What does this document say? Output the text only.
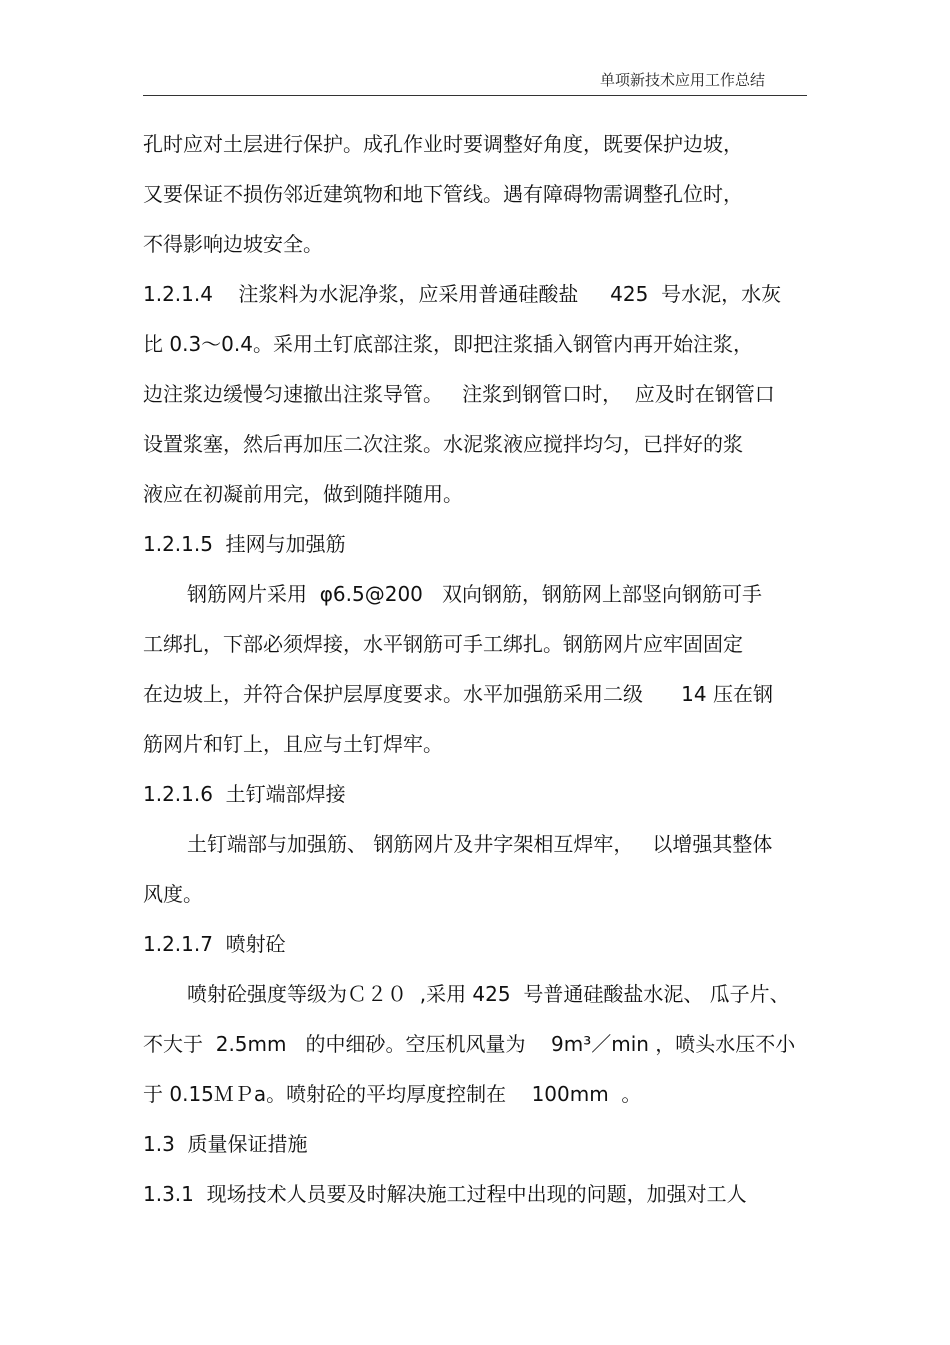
单项新技术应用工作总结
孔时应对土层进行保护。成孔作业时要调整好角度，既要保护边坡，
又要保证不损伤邻近建筑物和地下管线。遇有障碍物需调整孔位时，
不得影响边坡安全。
1.2.1.4    注浆料为水泥净浆，应采用普通硅酸盐     425  号水泥，水灰
比 0.3～0.4。采用土钉底部注浆，即把注浆插入钢管内再开始注浆，
边注浆边缓慢匀速撤出注浆导管。   注浆到钢管口时，  应及时在钢管口
设置浆塞，然后再加压二次注浆。水泥浆液应搅拌均匀，已拌好的浆
液应在初凝前用完，做到随拌随用。
1.2.1.5  挂网与加强筋
钢筋网片采用  φ6.5@200   双向钢筋，钢筋网上部竖向钢筋可手
工绑扎，下部必须焊接，水平钢筋可手工绑扎。钢筋网片应牢固固定
在边坡上，并符合保护层厚度要求。水平加强筋采用二级      14 压在钢
筋网片和钉上，且应与土钉焊牢。
1.2.1.6  土钉端部焊接
土钉端部与加强筋、 钢筋网片及井字架相互焊牢，   以增强其整体
风度。
1.2.1.7  喷射砼
喷射砼强度等级为Ｃ２０  ,采用 425  号普通硅酸盐水泥、 瓜子片、
不大于  2.5mm   的中细砂。空压机风量为    9m³／min ，喷头水压不小
于 0.15ＭＰa。喷射砼的平均厚度控制在    100mm  。
1.3  质量保证措施
1.3.1  现场技术人员要及时解决施工过程中出现的问题，加强对工人
